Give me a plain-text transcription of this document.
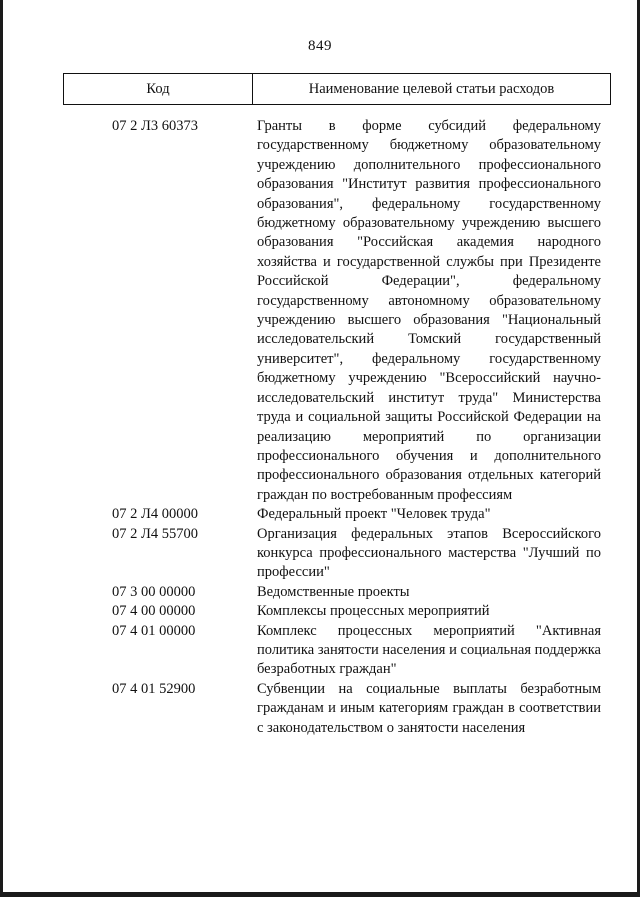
849
Код	Наименование целевой статьи расходов
07 2 Л3 60373	Гранты в форме субсидий федеральному государственному бюджетному образовательному учреждению дополнительного профессионального образования "Институт развития профессионального образования", федеральному государственному бюджетному образовательному учреждению высшего образования "Российская академия народного хозяйства и государственной службы при Президенте Российской Федерации", федеральному государственному автономному образовательному учреждению высшего образования "Национальный исследовательский Томский государственный университет", федеральному государственному бюджетному учреждению "Всероссийский научно-исследовательский институт труда" Министерства труда и социальной защиты Российской Федерации на реализацию мероприятий по организации профессионального обучения и дополнительного профессионального образования отдельных категорий граждан по востребованным профессиям
07 2 Л4 00000	Федеральный проект "Человек труда"
07 2 Л4 55700	Организация федеральных этапов Всероссийского конкурса профессионального мастерства "Лучший по профессии"
07 3 00 00000	Ведомственные проекты
07 4 00 00000	Комплексы процессных мероприятий
07 4 01 00000	Комплекс процессных мероприятий "Активная политика занятости населения и социальная поддержка безработных граждан"
07 4 01 52900	Субвенции на социальные выплаты безработным гражданам и иным категориям граждан в соответствии с законодательством о занятости населения
